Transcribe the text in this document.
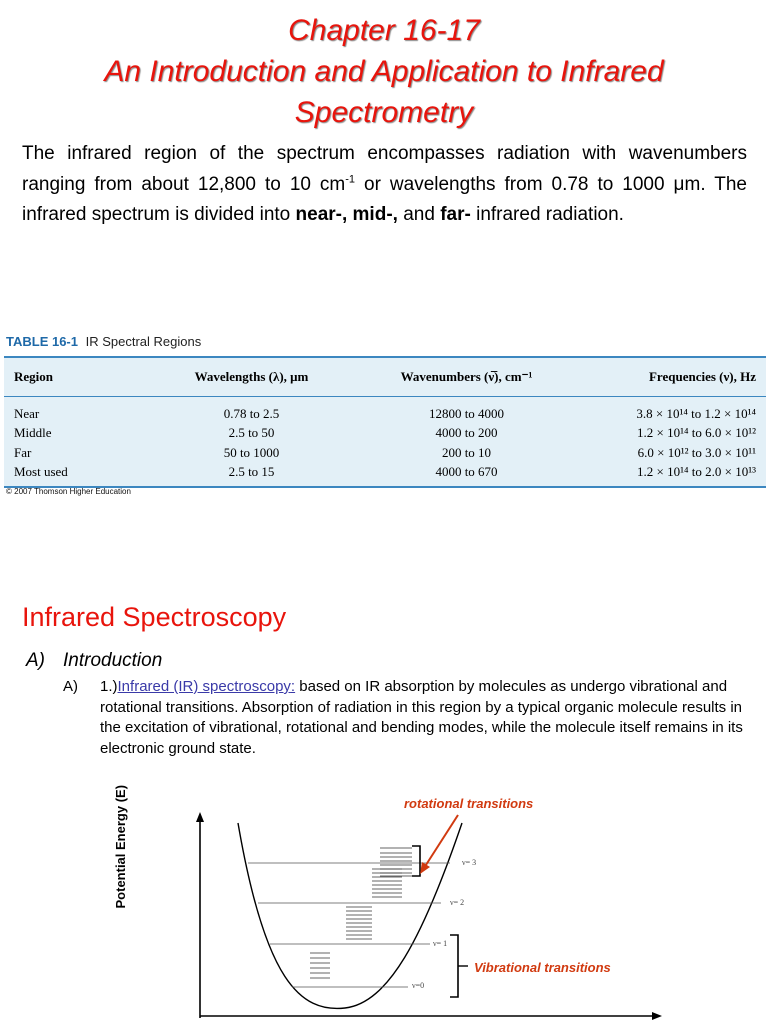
Chapter 16-17
An Introduction and Application to Infrared
Spectrometry
The infrared region of the spectrum encompasses radiation with wavenumbers ranging from about 12,800 to 10 $cm^{-1}$ or wavelengths from 0.78 to 1000 μm. The infrared spectrum is divided into near-, mid-, and far- infrared radiation.
TABLE 16-1 IR Spectral Regions
Region	Wavelengths (λ), μm	Wavenumbers (ν̅), cm⁻¹	Frequencies (ν), Hz
Near	0.78 to 2.5	12800 to 4000	3.8 × 10¹⁴ to 1.2 × 10¹⁴
Middle	2.5 to 50	4000 to 200	1.2 × 10¹⁴ to 6.0 × 10¹²
Far	50 to 1000	200 to 10	6.0 × 10¹² to 3.0 × 10¹¹
Most used	2.5 to 15	4000 to 670	1.2 × 10¹⁴ to 2.0 × 10¹³
© 2007 Thomson Higher Education
Infrared Spectroscopy
A) Introduction
A) 1.)Infrared (IR) spectroscopy: based on IR absorption by molecules as undergo vibrational and rotational transitions. Absorption of radiation in this region by a typical organic molecule results in the excitation of vibrational, rotational and bending modes, while the molecule itself remains in its electronic ground state.
ν= 3
ν= 2
ν= 1
ν=0
rotational transitions
Vibrational transitions
Potential Energy (E)
